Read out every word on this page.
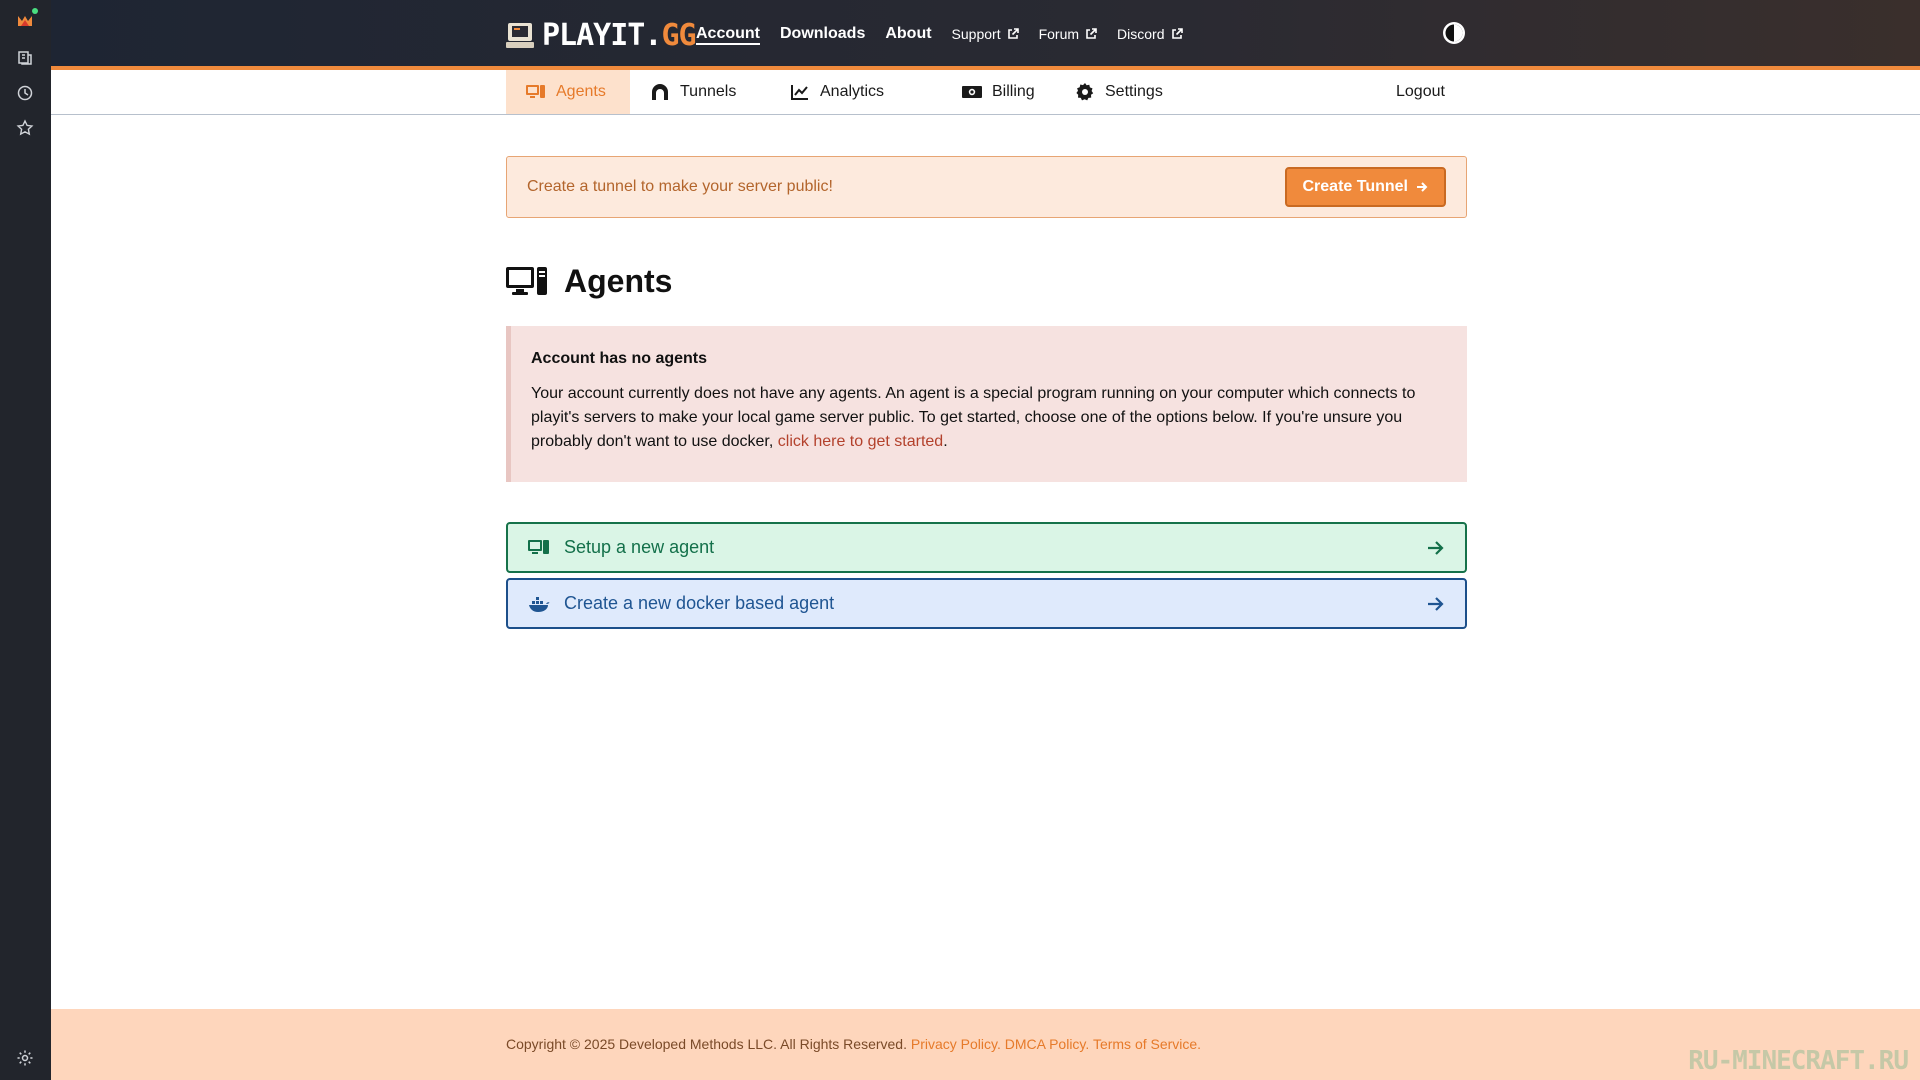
PLAYIT.GG Account Downloads About Support	Forum	Discord
Agents	Tunnels	Analytics	Billing	Settings	Logout
Create a tunnel to make your server public!	Create Tunnel
Agents
Account has no agents
Your account currently does not have any agents. An agent is a special program running on your computer which connects to playit's servers to make your local game server public. To get started, choose one of the options below. If you're unsure you probably don't want to use docker, click here to get started.
Setup a new agent
Create a new docker based agent
Copyright © 2025 Developed Methods LLC. All Rights Reserved. Privacy Policy. DMCA Policy. Terms of Service.
RU-MINECRAFT.RU
